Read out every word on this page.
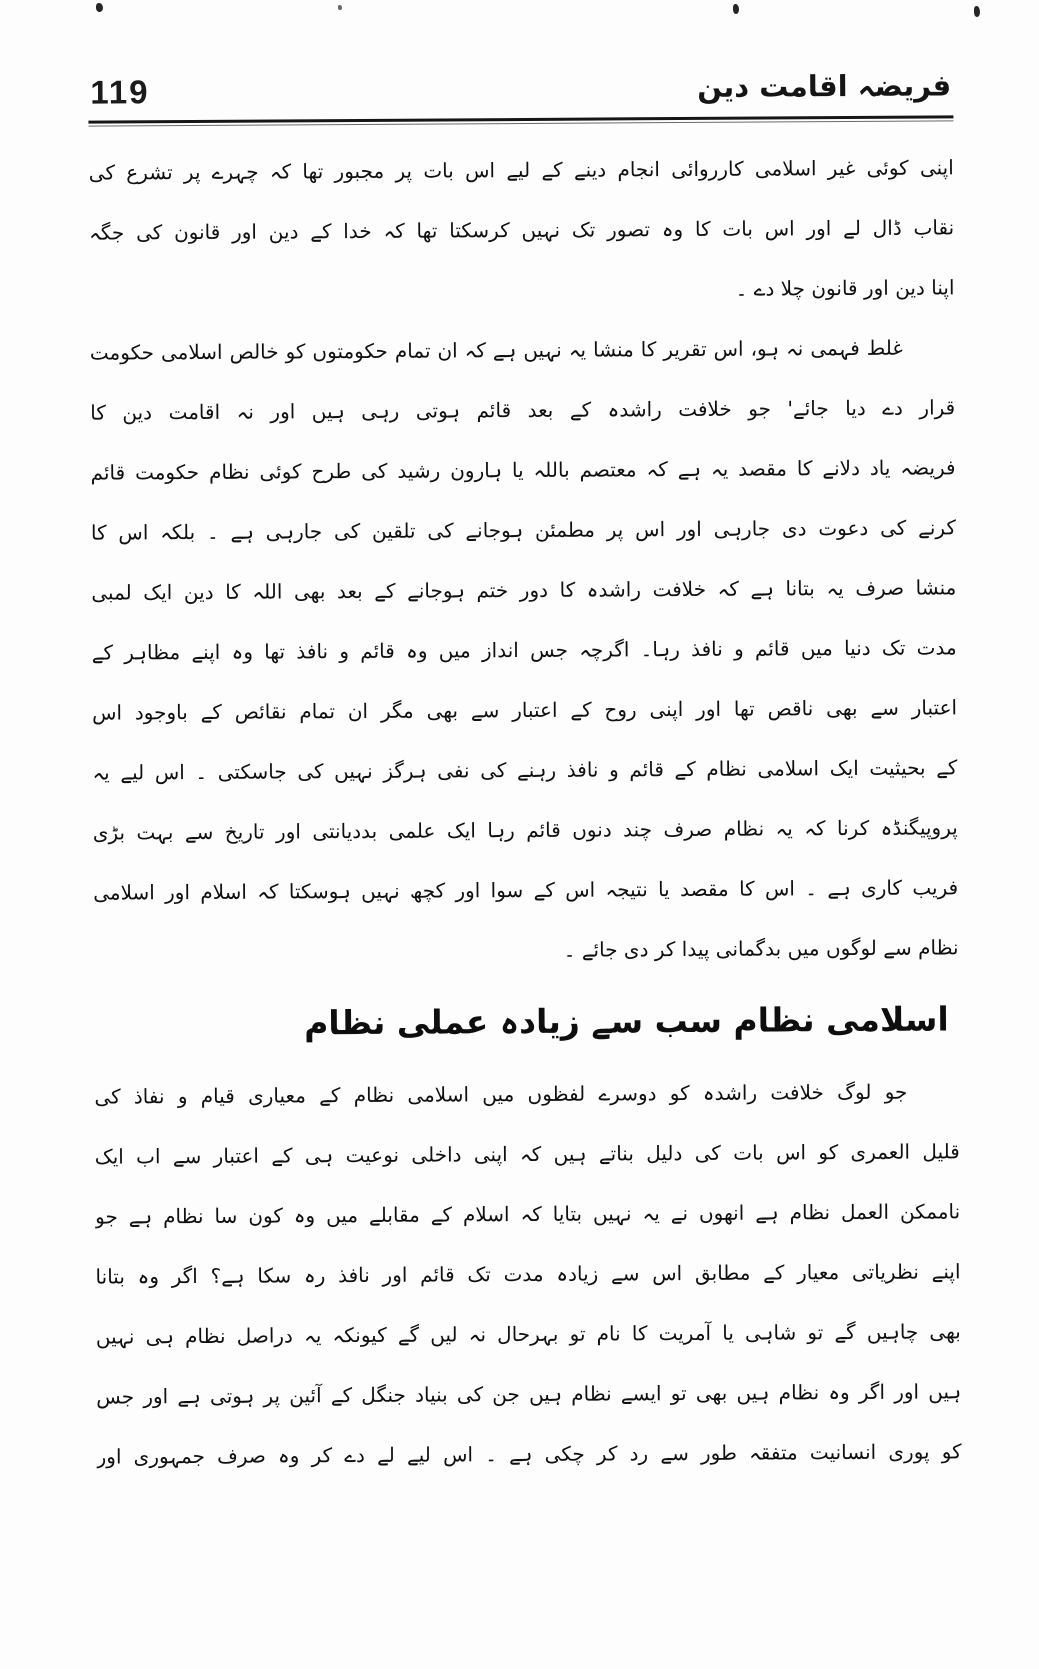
119	فریضہ اقامت دین
اپنی کوئی غیر اسلامی کارروائی انجام دینے کے لیے اس بات پر مجبور تھا کہ چہرے پر تشرع کی
نقاب ڈال لے اور اس بات کا وہ تصور تک نہیں کرسکتا تھا کہ خدا کے دین اور قانون کی جگہ
اپنا دین اور قانون چلا دے ۔
غلط فہمی نہ ہو، اس تقریر کا منشا یہ نہیں ہے کہ ان تمام حکومتوں کو خالص اسلامی حکومت
قرار دے دیا جائے' جو خلافت راشدہ کے بعد قائم ہوتی رہی ہیں اور نہ اقامت دین کا
فریضہ یاد دلانے کا مقصد یہ ہے کہ معتصم باللہ یا ہارون رشید کی طرح کوئی نظام حکومت قائم
کرنے کی دعوت دی جارہی اور اس پر مطمئن ہوجانے کی تلقین کی جارہی ہے ۔ بلکہ اس کا
منشا صرف یہ بتانا ہے کہ خلافت راشدہ کا دور ختم ہوجانے کے بعد بھی اللہ کا دین ایک لمبی
مدت تک دنیا میں قائم و نافذ رہا۔ اگرچہ جس انداز میں وہ قائم و نافذ تھا وہ اپنے مظاہر کے
اعتبار سے بھی ناقص تھا اور اپنی روح کے اعتبار سے بھی مگر ان تمام نقائص کے باوجود اس
کے بحیثیت ایک اسلامی نظام کے قائم و نافذ رہنے کی نفی ہرگز نہیں کی جاسکتی ۔ اس لیے یہ
پروپیگنڈہ کرنا کہ یہ نظام صرف چند دنوں قائم رہا ایک علمی بددیانتی اور تاریخ سے بہت بڑی
فریب کاری ہے ۔ اس کا مقصد یا نتیجہ اس کے سوا اور کچھ نہیں ہوسکتا کہ اسلام اور اسلامی
نظام سے لوگوں میں بدگمانی پیدا کر دی جائے ۔
اسلامی نظام سب سے زیادہ عملی نظام
جو لوگ خلافت راشدہ کو دوسرے لفظوں میں اسلامی نظام کے معیاری قیام و نفاذ کی
قلیل العمری کو اس بات کی دلیل بناتے ہیں کہ اپنی داخلی نوعیت ہی کے اعتبار سے اب ایک
ناممکن العمل نظام ہے انھوں نے یہ نہیں بتایا کہ اسلام کے مقابلے میں وہ کون سا نظام ہے جو
اپنے نظریاتی معیار کے مطابق اس سے زیادہ مدت تک قائم اور نافذ رہ سکا ہے؟ اگر وہ بتانا
بھی چاہیں گے تو شاہی یا آمریت کا نام تو بہرحال نہ لیں گے کیونکہ یہ دراصل نظام ہی نہیں
ہیں اور اگر وہ نظام ہیں بھی تو ایسے نظام ہیں جن کی بنیاد جنگل کے آئین پر ہوتی ہے اور جس
کو پوری انسانیت متفقہ طور سے رد کر چکی ہے ۔ اس لیے لے دے کر وہ صرف جمہوری اور
